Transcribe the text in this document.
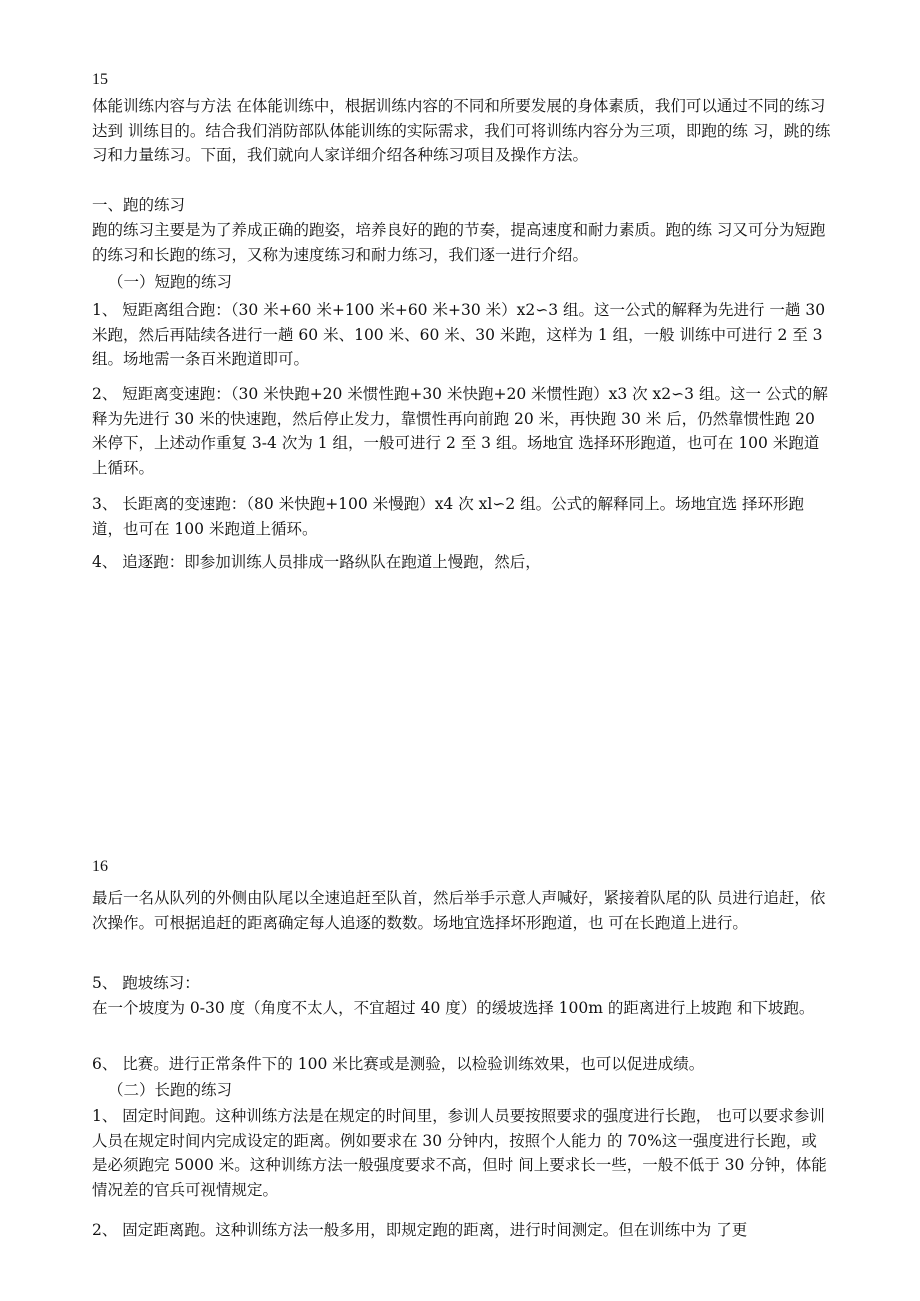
15
体能训练内容与方法 在体能训练中，根据训练内容的不同和所要发展的身体素质，我们可以通过不同的练习达到 训练目的。结合我们消防部队体能训练的实际需求，我们可将训练内容分为三项，即跑的练 习，跳的练习和力量练习。下面，我们就向人家详细介绍各种练习项目及操作方法。
一、跑的练习
跑的练习主要是为了养成正确的跑姿，培养良好的跑的节奏，提高速度和耐力素质。跑的练 习又可分为短跑的练习和长跑的练习，又称为速度练习和耐力练习，我们逐一进行介绍。
（一）短跑的练习
1、 短距离组合跑：（30 米+60 米+100 米+60 米+30 米）x2∽3 组。这一公式的解释为先进行 一趟 30 米跑，然后再陆续各进行一趟 60 米、100 米、60 米、30 米跑，这样为 1 组，一般 训练中可进行 2 至 3 组。场地需一条百米跑道即可。
2、 短距离变速跑：（30 米快跑+20 米惯性跑+30 米快跑+20 米惯性跑）x3 次 x2∽3 组。这一 公式的解释为先进行 30 米的快速跑，然后停止发力，靠惯性再向前跑 20 米，再快跑 30 米 后，仍然靠惯性跑 20 米停下，上述动作重复 3-4 次为 1 组，一般可进行 2 至 3 组。场地宜 选择环形跑道，也可在 100 米跑道上循环。
3、 长距离的变速跑：（80 米快跑+100 米慢跑）x4 次 xl∽2 组。公式的解释同上。场地宜选 择环形跑道，也可在 100 米跑道上循环。
4、 追逐跑：即参加训练人员排成一路纵队在跑道上慢跑，然后，
16
最后一名从队列的外侧由队尾以全速追赶至队首，然后举手示意人声喊好，紧接着队尾的队 员进行追赶，依次操作。可根据追赶的距离确定每人追逐的数数。场地宜选择坏形跑道，也 可在长跑道上进行。
5、 跑坡练习：
在一个坡度为 0-30 度（角度不太人，不宜超过 40 度）的缓坡选择 100m 的距离进行上坡跑 和下坡跑。
6、 比赛。进行正常条件下的 100 米比赛或是测验，以检验训练效果，也可以促进成绩。
（二）长跑的练习
1、 固定时间跑。这种训练方法是在规定的时间里，参训人员要按照要求的强度进行长跑， 也可以要求参训人员在规定时间内完成设定的距离。例如要求在 30 分钟内，按照个人能力 的 70%这一强度进行长跑，或是必须跑完 5000 米。这种训练方法一般强度要求不高，但时 间上要求长一些，一般不低于 30 分钟，体能情况差的官兵可视情规定。
2、 固定距离跑。这种训练方法一般多用，即规定跑的距离，进行时间测定。但在训练中为 了更
